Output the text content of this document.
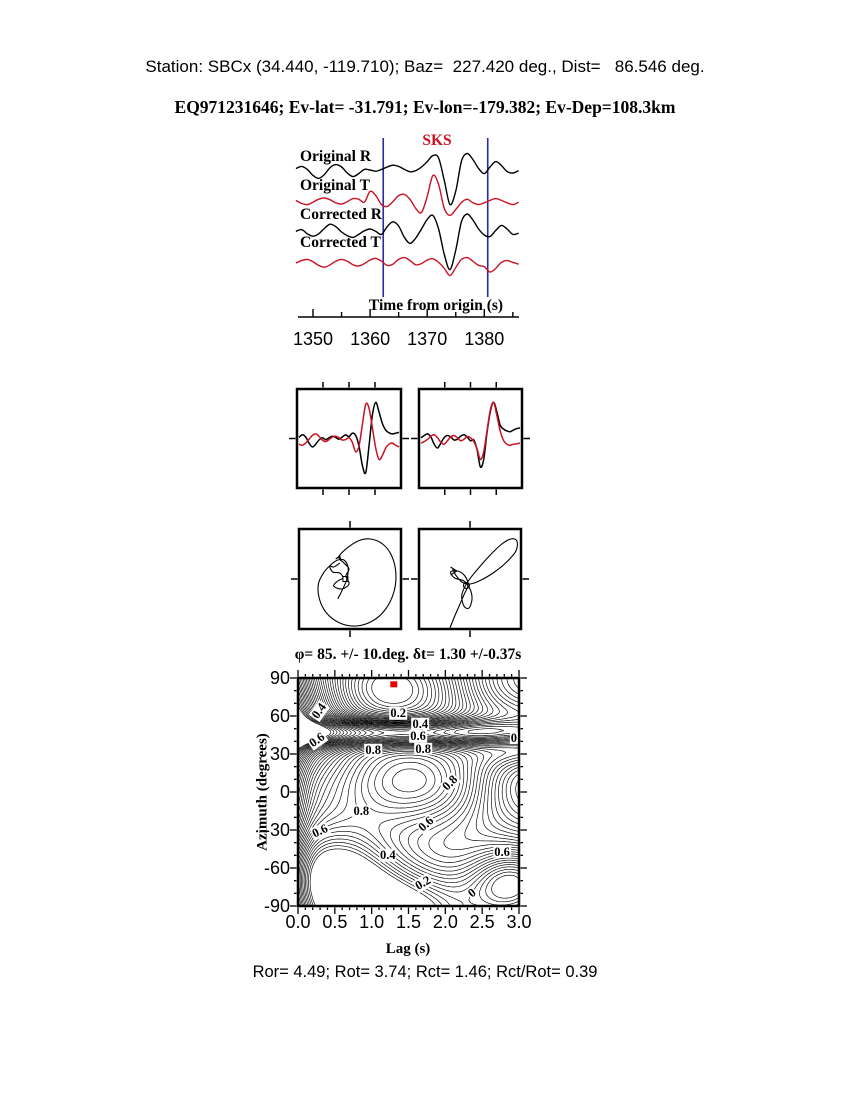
Station: SBCx (34.440, -119.710); Baz=  227.420 deg., Dist=   86.546 deg.
EQ971231646; Ev-lat= -31.791; Ev-lon=-179.382; Ev-Dep=108.3km
SKS
Original R
Original T
Corrected R
Corrected T
Time from origin (s)
φ= 85. +/- 10.deg. δt= 1.30 +/-0.37s
Azimuth (degrees)
Lag (s)
Ror= 4.49; Rot= 3.74; Rct= 1.46; Rct/Rot= 0.39
1350 1360 1370 1380
90
60
30
0
-30
-60
-90
0.0 0.5 1.0 1.5 2.0 2.5 3.0
0.4	0.2
0.4
0.6
0.8
0.8
0.6	0
0.8
0.8
0.6
0.6
0.6
0.4
0.2
0
